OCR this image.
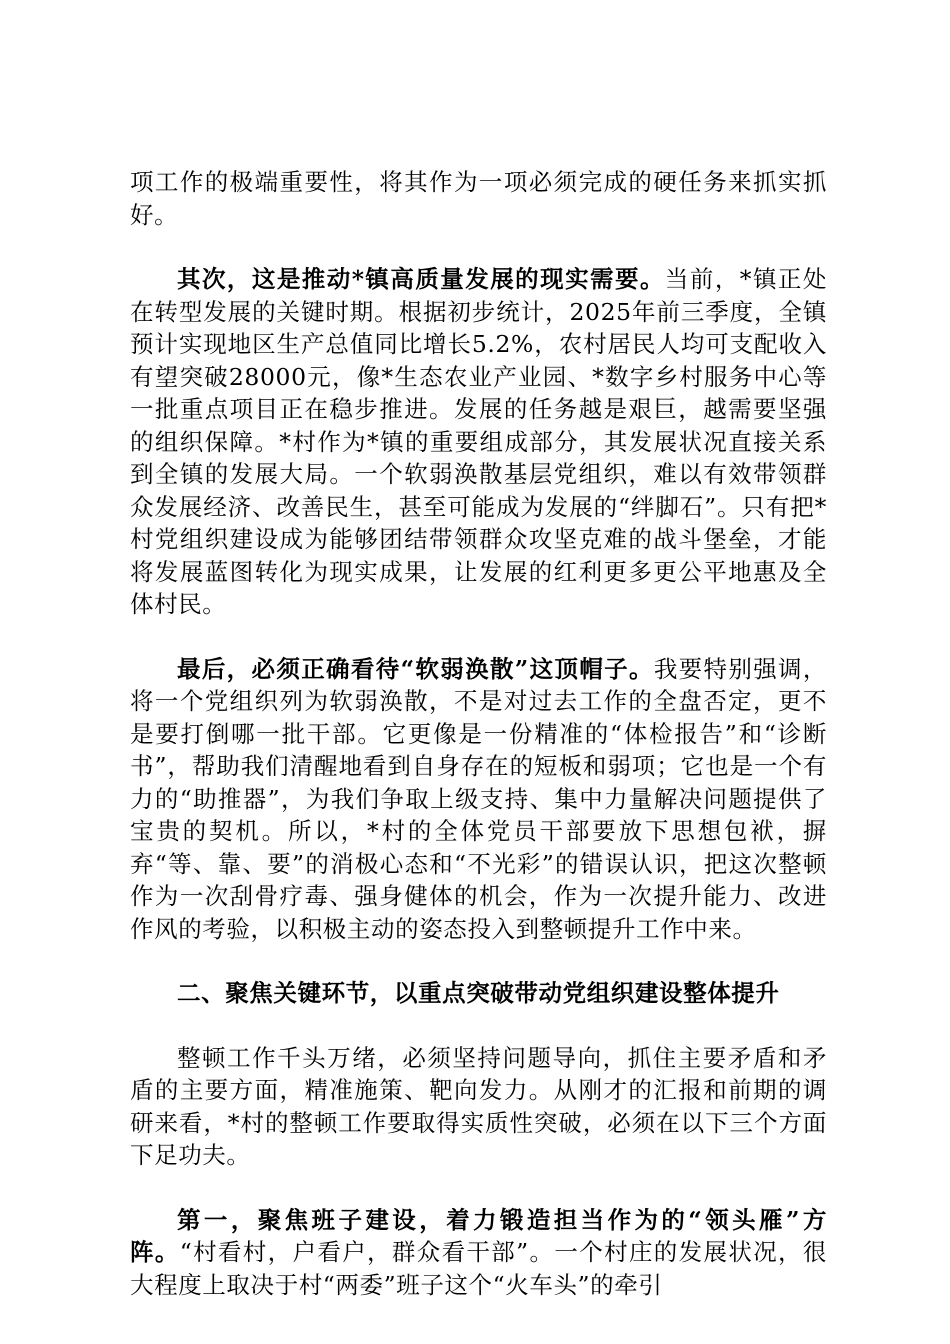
项工作的极端重要性，将其作为一项必须完成的硬任务来抓实抓好。

其次，这是推动*镇高质量发展的现实需要。当前，*镇正处在转型发展的关键时期。根据初步统计，2025年前三季度，全镇预计实现地区生产总值同比增长5.2%，农村居民人均可支配收入有望突破28000元，像*生态农业产业园、*数字乡村服务中心等一批重点项目正在稳步推进。发展的任务越是艰巨，越需要坚强的组织保障。*村作为*镇的重要组成部分，其发展状况直接关系到全镇的发展大局。一个软弱涣散基层党组织，难以有效带领群众发展经济、改善民生，甚至可能成为发展的“绊脚石”。只有把*村党组织建设成为能够团结带领群众攻坚克难的战斗堡垒，才能将发展蓝图转化为现实成果，让发展的红利更多更公平地惠及全体村民。

最后，必须正确看待“软弱涣散”这顶帽子。我要特别强调，将一个党组织列为软弱涣散，不是对过去工作的全盘否定，更不是要打倒哪一批干部。它更像是一份精准的“体检报告”和“诊断书”，帮助我们清醒地看到自身存在的短板和弱项；它也是一个有力的“助推器”，为我们争取上级支持、集中力量解决问题提供了宝贵的契机。所以，*村的全体党员干部要放下思想包袱，摒弃“等、靠、要”的消极心态和“不光彩”的错误认识，把这次整顿作为一次刮骨疗毒、强身健体的机会，作为一次提升能力、改进作风的考验，以积极主动的姿态投入到整顿提升工作中来。

二、聚焦关键环节，以重点突破带动党组织建设整体提升

整顿工作千头万绪，必须坚持问题导向，抓住主要矛盾和矛盾的主要方面，精准施策、靶向发力。从刚才的汇报和前期的调研来看，*村的整顿工作要取得实质性突破，必须在以下三个方面下足功夫。

第一，聚焦班子建设，着力锻造担当作为的“领头雁”方阵。“村看村，户看户，群众看干部”。一个村庄的发展状况，很大程度上取决于村“两委”班子这个“火车头”的牵引
